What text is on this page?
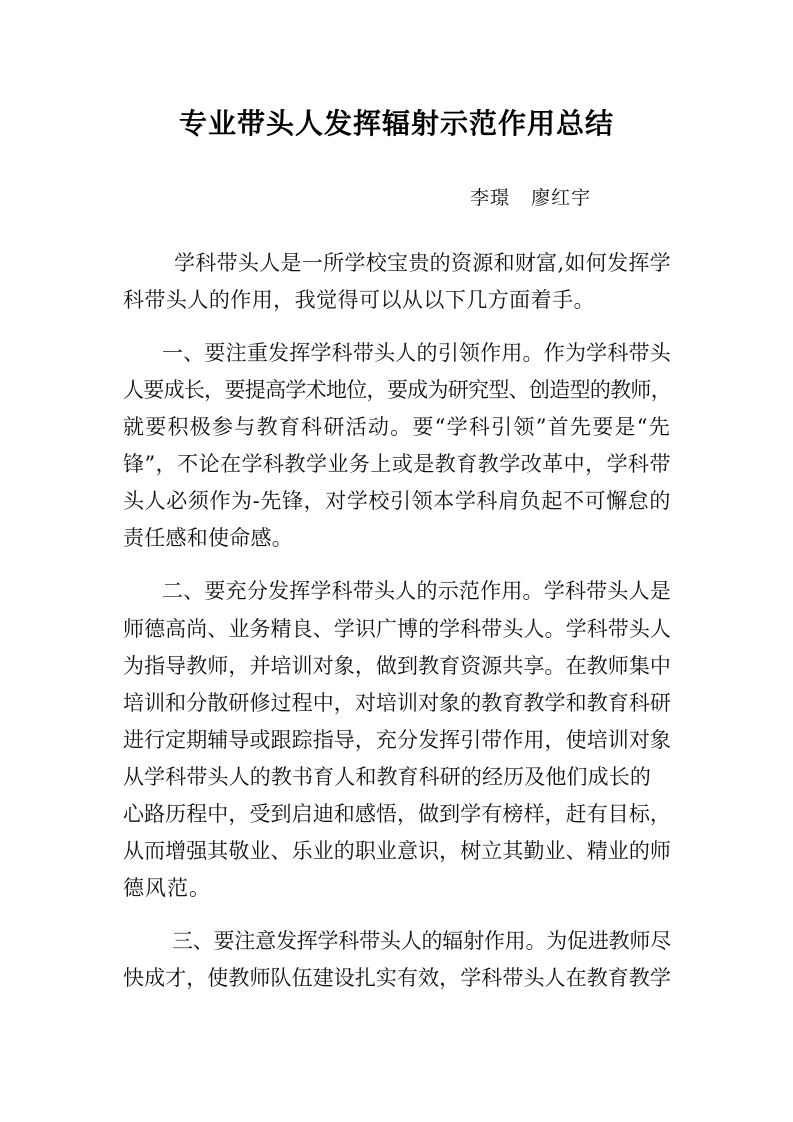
专业带头人发挥辐射示范作用总结
李璟   廖红宇
学科带头人是一所学校宝贵的资源和财富,如何发挥学
科带头人的作用，我觉得可以从以下几方面着手。
一、要注重发挥学科带头人的引领作用。作为学科带头
人要成长，要提高学术地位，要成为研究型、创造型的教师，
就要积极参与教育科研活动。要“学科引领”首先要是“先
锋”，不论在学科教学业务上或是教育教学改革中，学科带
头人必须作为-先锋，对学校引领本学科肩负起不可懈怠的
责任感和使命感。
二、要充分发挥学科带头人的示范作用。学科带头人是
师德高尚、业务精良、学识广博的学科带头人。学科带头人
为指导教师，并培训对象，做到教育资源共享。在教师集中
培训和分散研修过程中，对培训对象的教育教学和教育科研
进行定期辅导或跟踪指导，充分发挥引带作用，使培训对象
从学科带头人的教书育人和教育科研的经历及他们成长的
心路历程中，受到启迪和感悟，做到学有榜样，赶有目标，
从而增强其敬业、乐业的职业意识，树立其勤业、精业的师
德风范。
三、要注意发挥学科带头人的辐射作用。为促进教师尽
快成才，使教师队伍建设扎实有效，学科带头人在教育教学
